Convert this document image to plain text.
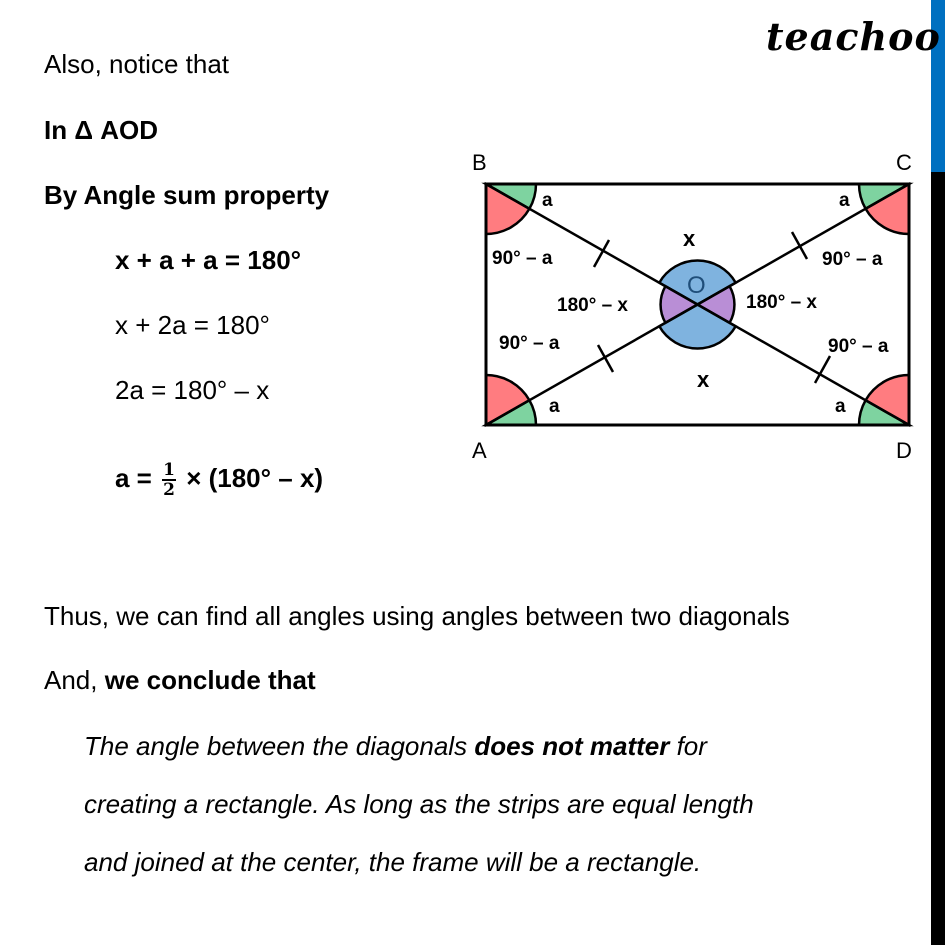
teachoo
Also, notice that
In Δ AOD
By Angle sum property
x + a + a = 180°
x + 2a = 180°
2a = 180° – x
$a = \frac{1}{2} \times (180^\circ - x)$
Thus, we can find all angles using angles between two diagonals
And, we conclude that
The angle between the diagonals does not matter for
creating a rectangle. As long as the strips are equal length
and joined at the center, the frame will be a rectangle.
B	C
A	D
O
a	a
a	a
90° – a	90° – a
90° – a	90° – a
180° – x	180° – x
x
x
